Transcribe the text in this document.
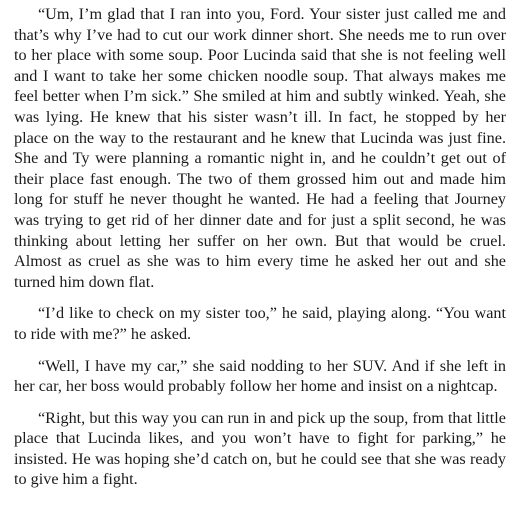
“Um, I’m glad that I ran into you, Ford. Your sister just called me and that’s why I’ve had to cut our work dinner short. She needs me to run over to her place with some soup. Poor Lucinda said that she is not feeling well and I want to take her some chicken noodle soup. That always makes me feel better when I’m sick.” She smiled at him and subtly winked. Yeah, she was lying. He knew that his sister wasn’t ill. In fact, he stopped by her place on the way to the restaurant and he knew that Lucinda was just fine. She and Ty were planning a romantic night in, and he couldn’t get out of their place fast enough. The two of them grossed him out and made him long for stuff he never thought he wanted. He had a feeling that Journey was trying to get rid of her dinner date and for just a split second, he was thinking about letting her suffer on her own. But that would be cruel. Almost as cruel as she was to him every time he asked her out and she turned him down flat.

“I’d like to check on my sister too,” he said, playing along. “You want to ride with me?” he asked.

“Well, I have my car,” she said nodding to her SUV. And if she left in her car, her boss would probably follow her home and insist on a nightcap.

“Right, but this way you can run in and pick up the soup, from that little place that Lucinda likes, and you won’t have to fight for parking,” he insisted. He was hoping she’d catch on, but he could see that she was ready to give him a fight.
